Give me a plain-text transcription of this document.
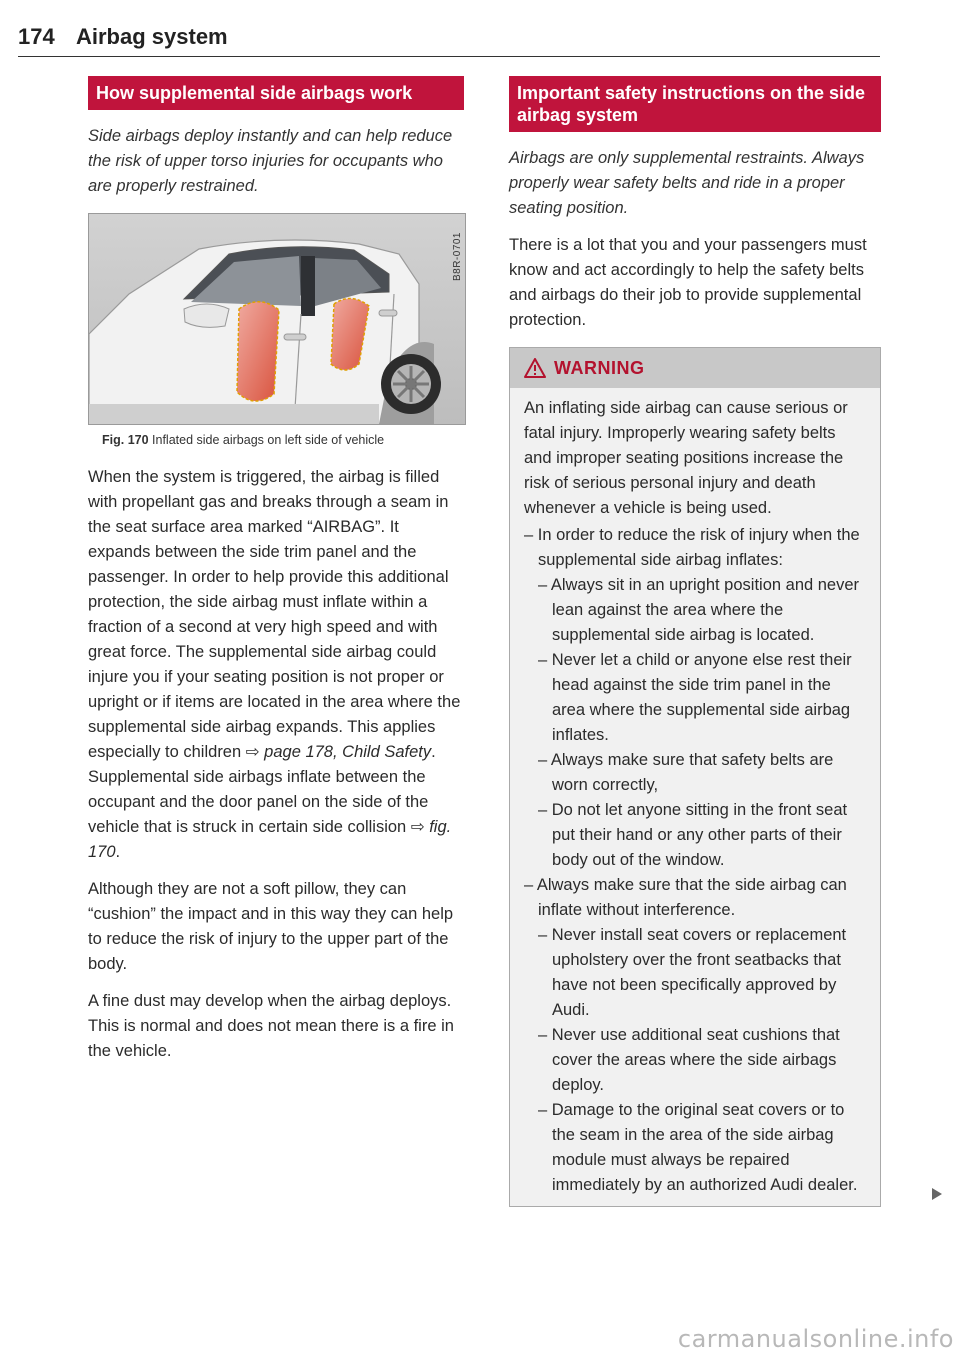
174 Airbag system
How supplemental side airbags work

Side airbags deploy instantly and can help reduce the risk of upper torso injuries for occupants who are properly restrained.

B8R-0701
Fig. 170 Inflated side airbags on left side of vehicle

When the system is triggered, the airbag is filled with propellant gas and breaks through a seam in the seat surface area marked “AIRBAG”. It expands between the side trim panel and the passenger. In order to help provide this additional protection, the side airbag must inflate within a fraction of a second at very high speed and with great force. The supplemental side airbag could injure you if your seating position is not proper or upright or if items are located in the area where the supplemental side airbag expands. This applies especially to children ⇨ page 178, Child Safety. Supplemental side airbags inflate between the occupant and the door panel on the side of the vehicle that is struck in certain side collision ⇨ fig. 170.

Although they are not a soft pillow, they can “cushion” the impact and in this way they can help to reduce the risk of injury to the upper part of the body.

A fine dust may develop when the airbag deploys. This is normal and does not mean there is a fire in the vehicle.

Important safety instructions on the side airbag system

Airbags are only supplemental restraints. Always properly wear safety belts and ride in a proper seating position.

There is a lot that you and your passengers must know and act accordingly to help the safety belts and airbags do their job to provide supplemental protection.

WARNING

An inflating side airbag can cause serious or fatal injury. Improperly wearing safety belts and improper seating positions increase the risk of serious personal injury and death whenever a vehicle is being used.

– In order to reduce the risk of injury when the supplemental side airbag inflates:
– Always sit in an upright position and never lean against the area where the supplemental side airbag is located.
– Never let a child or anyone else rest their head against the side trim panel in the area where the supplemental side airbag inflates.
– Always make sure that safety belts are worn correctly,
– Do not let anyone sitting in the front seat put their hand or any other parts of their body out of the window.
– Always make sure that the side airbag can inflate without interference.
– Never install seat covers or replacement upholstery over the front seatbacks that have not been specifically approved by Audi.
– Never use additional seat cushions that cover the areas where the side airbags deploy.
– Damage to the original seat covers or to the seam in the area of the side airbag module must always be repaired immediately by an authorized Audi dealer.
carmanualsonline.info
